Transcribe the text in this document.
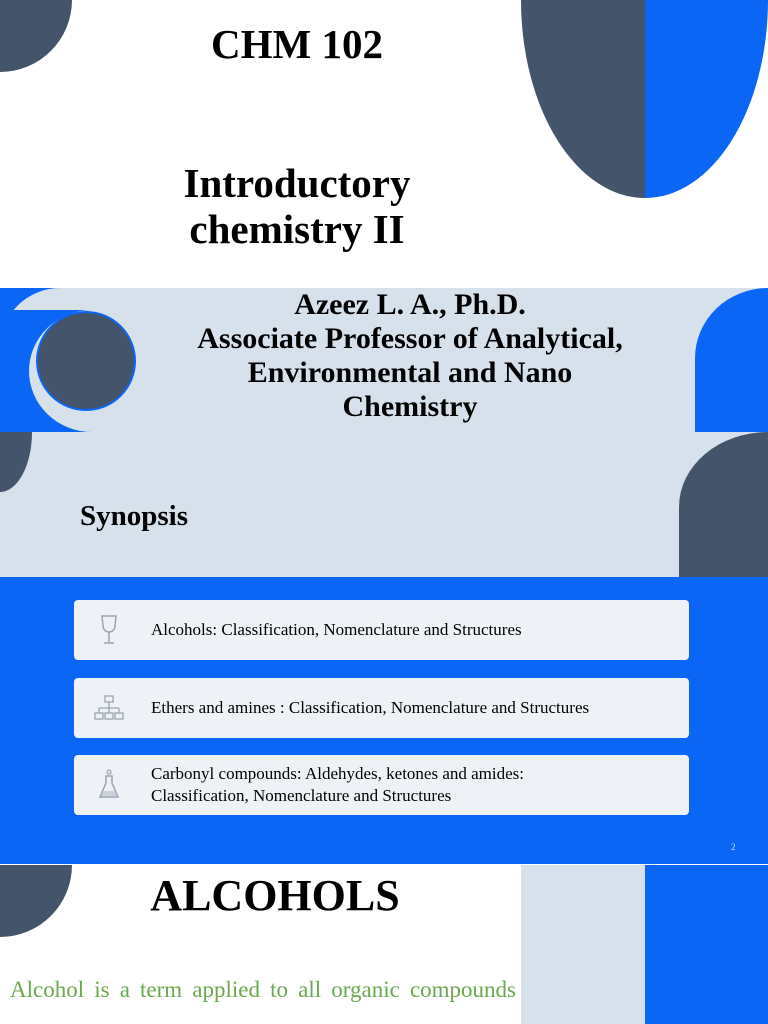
CHM 102
Introductory
chemistry II
Azeez L. A., Ph.D.
Associate Professor of Analytical,
Environmental and Nano
Chemistry
Synopsis
Alcohols: Classification, Nomenclature and Structures
Ethers and amines : Classification, Nomenclature and Structures
Carbonyl compounds: Aldehydes, ketones and amides:
Classification, Nomenclature and Structures
2
ALCOHOLS
Alcohol is a term applied to all organic compounds
